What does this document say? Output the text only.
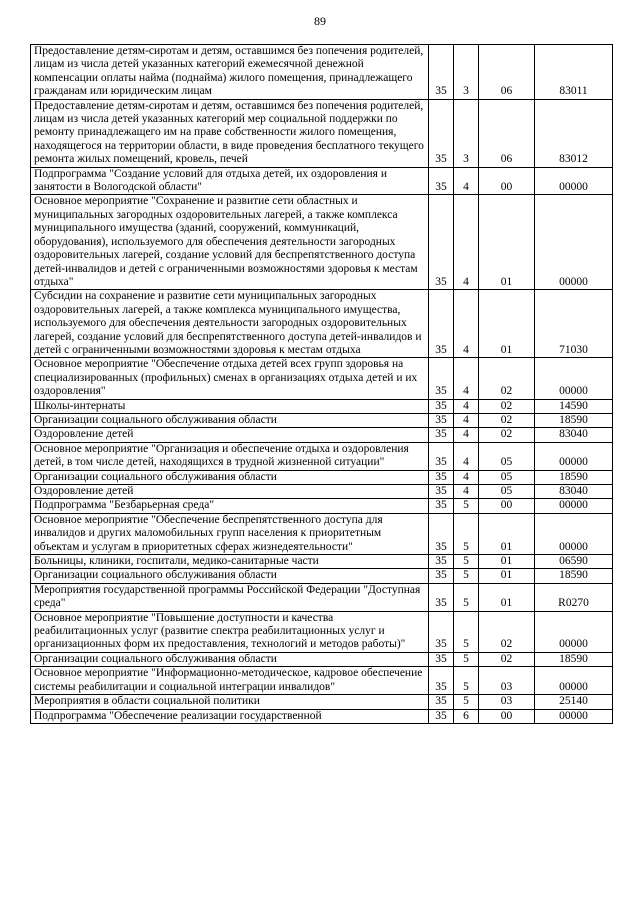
89
Предоставление детям-сиротам и детям, оставшимся без попечения родителей, лицам из числа детей указанных категорий ежемесячной денежной компенсации оплаты найма (поднайма) жилого помещения, принадлежащего гражданам или юридическим лицам	35	3	06	83011
Предоставление детям-сиротам и детям, оставшимся без попечения родителей, лицам из числа детей указанных категорий мер социальной поддержки по ремонту принадлежащего им на праве собственности жилого помещения, находящегося на территории области, в виде проведения бесплатного текущего ремонта жилых помещений, кровель, печей	35	3	06	83012
Подпрограмма "Создание условий для отдыха детей, их оздоровления и занятости в Вологодской области"	35	4	00	00000
Основное мероприятие "Сохранение и развитие сети областных и муниципальных загородных оздоровительных лагерей, а также комплекса муниципального имущества (зданий, сооружений, коммуникаций, оборудования), используемого для обеспечения деятельности загородных оздоровительных лагерей, создание условий для беспрепятственного доступа детей-инвалидов и детей с ограниченными возможностями здоровья к местам отдыха"	35	4	01	00000
Субсидии на сохранение и развитие сети муниципальных загородных оздоровительных лагерей, а также комплекса муниципального имущества, используемого для обеспечения деятельности загородных оздоровительных лагерей, создание условий для беспрепятственного доступа детей-инвалидов и детей с ограниченными возможностями здоровья к местам отдыха	35	4	01	71030
Основное мероприятие "Обеспечение отдыха детей всех групп здоровья на специализированных (профильных) сменах в организациях отдыха детей и их оздоровления"	35	4	02	00000
Школы-интернаты	35	4	02	14590
Организации социального обслуживания области	35	4	02	18590
Оздоровление детей	35	4	02	83040
Основное мероприятие "Организация и обеспечение отдыха и оздоровления детей, в том числе детей, находящихся в трудной жизненной ситуации"	35	4	05	00000
Организации социального обслуживания области	35	4	05	18590
Оздоровление детей	35	4	05	83040
Подпрограмма "Безбарьерная среда"	35	5	00	00000
Основное мероприятие "Обеспечение беспрепятственного доступа для инвалидов и других маломобильных групп населения к приоритетным объектам и услугам в приоритетных сферах жизнедеятельности"	35	5	01	00000
Больницы, клиники, госпитали, медико-санитарные части	35	5	01	06590
Организации социального обслуживания области	35	5	01	18590
Мероприятия государственной программы Российской Федерации "Доступная среда"	35	5	01	R0270
Основное мероприятие "Повышение доступности и качества реабилитационных услуг (развитие спектра реабилитационных услуг и организационных форм их предоставления, технологий и методов работы)"	35	5	02	00000
Организации социального обслуживания области	35	5	02	18590
Основное мероприятие "Информационно-методическое, кадровое обеспечение системы реабилитации и социальной интеграции инвалидов"	35	5	03	00000
Мероприятия в области социальной политики	35	5	03	25140
Подпрограмма "Обеспечение реализации государственной	35	6	00	00000
